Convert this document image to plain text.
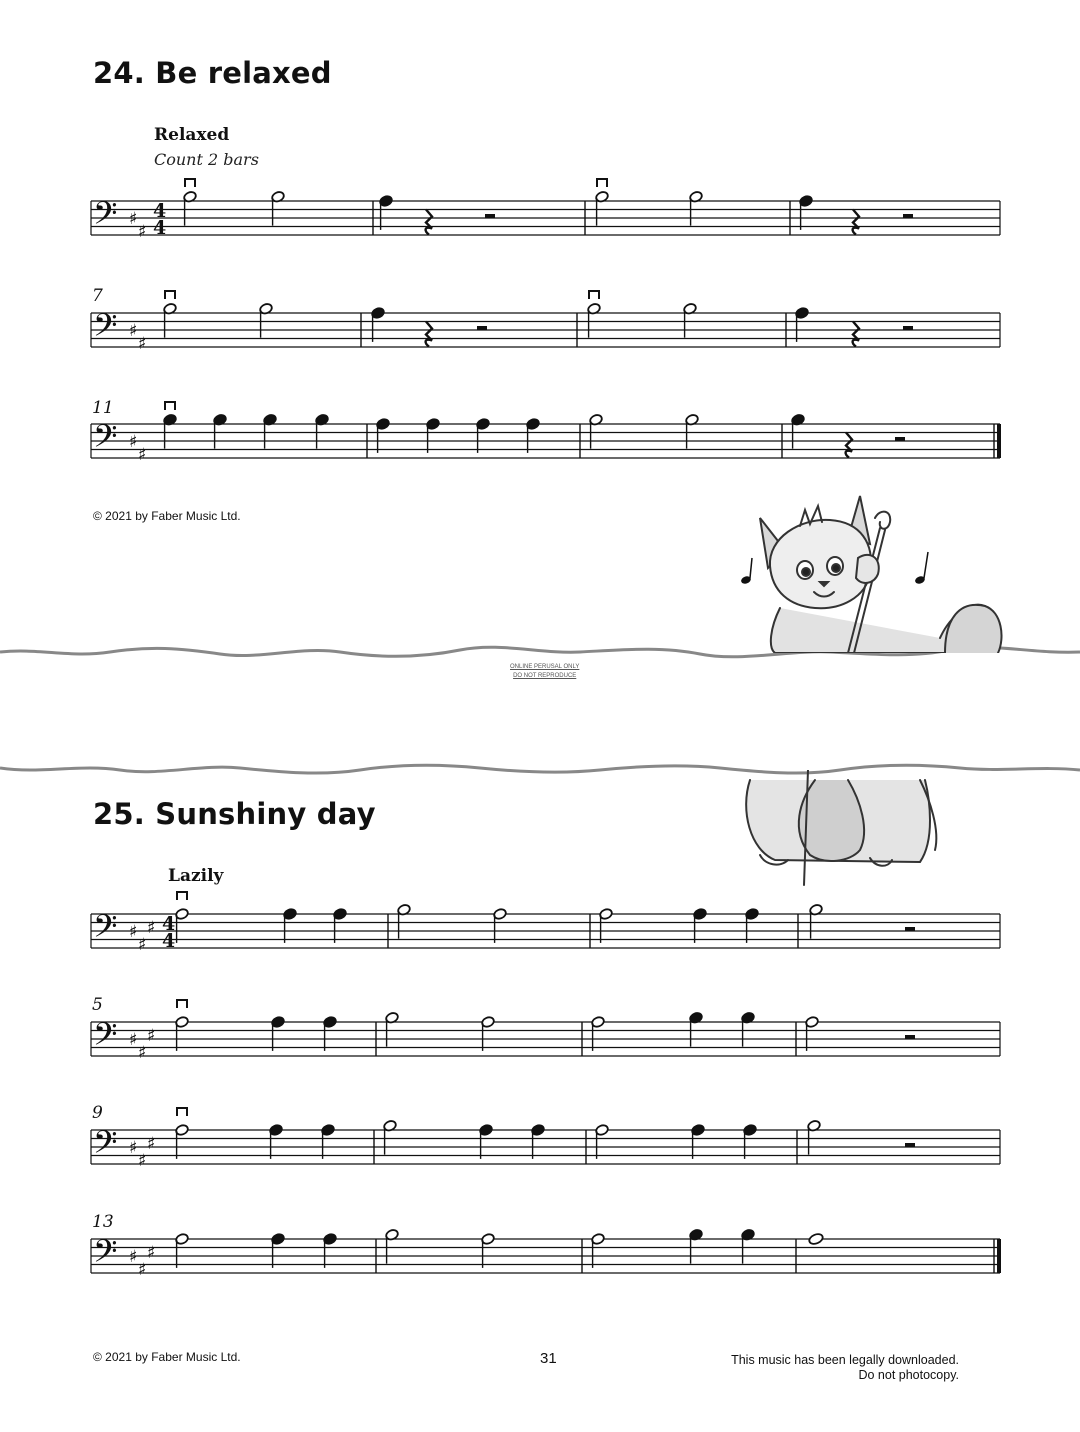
24. Be relaxed
Relaxed
Count 2 bars
7
11
© 2021 by Faber Music Ltd.
25. Sunshiny day
Lazily
5
9
13
© 2021 by Faber Music Ltd.
𝄢 ♯
♯
4
4
𝄢 ♯
♯
𝄢 ♯
♯
𝄢 ♯
♯
♯ 4
4
𝄢 ♯
♯
♯
𝄢 ♯
♯
♯
𝄢 ♯
♯
♯
ONLINE PERUSAL ONLY
DO NOT REPRODUCE
31	This music has been legally downloaded.
Do not photocopy.
